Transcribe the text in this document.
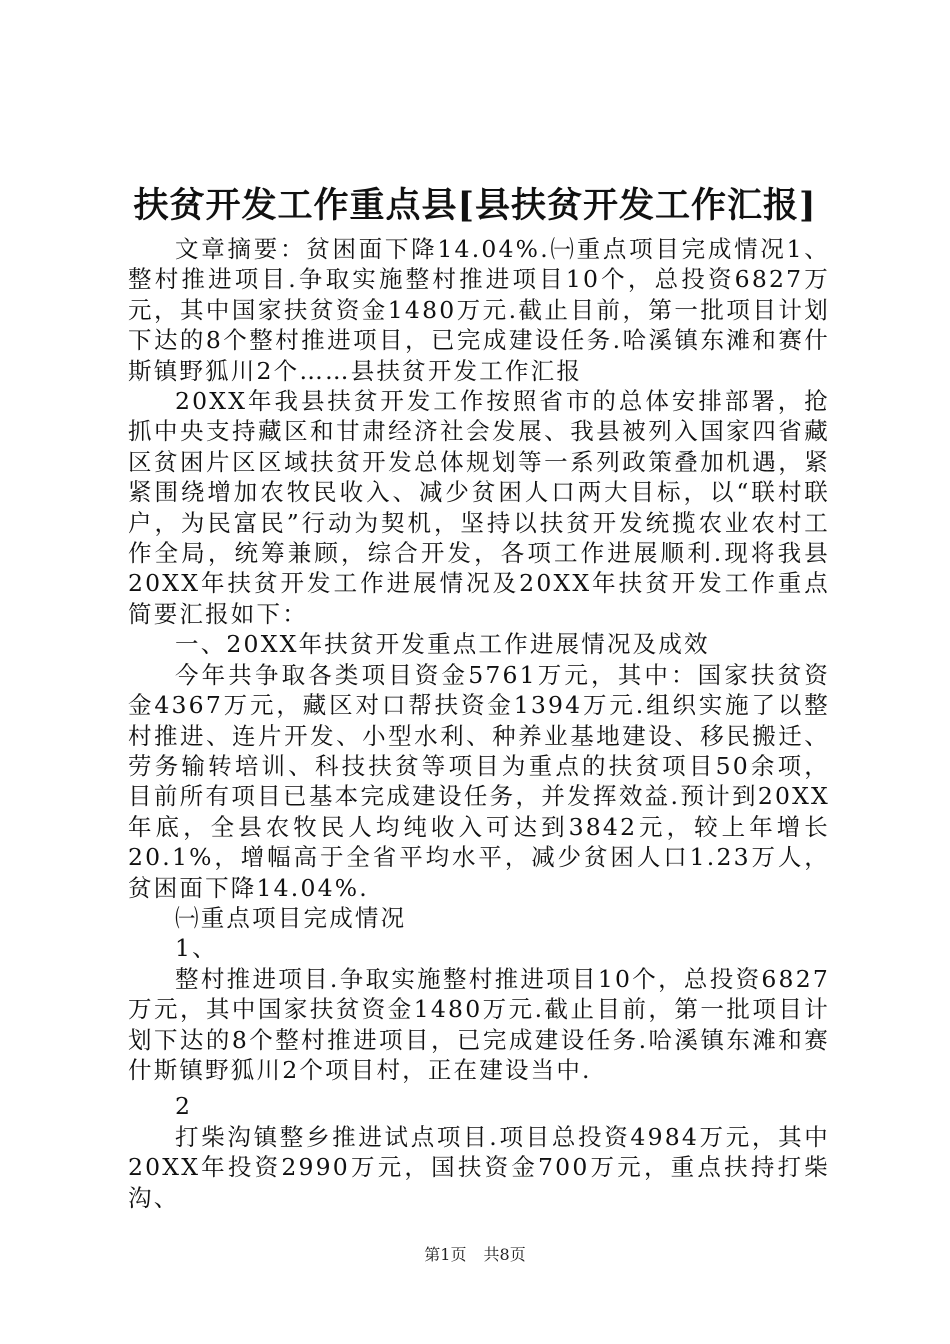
扶贫开发工作重点县[县扶贫开发工作汇报]

文章摘要：贫困面下降14.04%.㈠重点项目完成情况1、整村推进项目.争取实施整村推进项目10个，总投资6827万元，其中国家扶贫资金1480万元.截止目前，第一批项目计划下达的8个整村推进项目，已完成建设任务.哈溪镇东滩和赛什斯镇野狐川2个……县扶贫开发工作汇报

20XX年我县扶贫开发工作按照省市的总体安排部署，抢抓中央支持藏区和甘肃经济社会发展、我县被列入国家四省藏区贫困片区区域扶贫开发总体规划等一系列政策叠加机遇，紧紧围绕增加农牧民收入、减少贫困人口两大目标，以“联村联户，为民富民”行动为契机，坚持以扶贫开发统揽农业农村工作全局，统筹兼顾，综合开发，各项工作进展顺利.现将我县20XX年扶贫开发工作进展情况及20XX年扶贫开发工作重点简要汇报如下：

一、20XX年扶贫开发重点工作进展情况及成效

今年共争取各类项目资金5761万元，其中：国家扶贫资金4367万元，藏区对口帮扶资金1394万元.组织实施了以整村推进、连片开发、小型水利、种养业基地建设、移民搬迁、劳务输转培训、科技扶贫等项目为重点的扶贫项目50余项，目前所有项目已基本完成建设任务，并发挥效益.预计到20XX年底，全县农牧民人均纯收入可达到3842元，较上年增长20.1%，增幅高于全省平均水平，减少贫困人口1.23万人，贫困面下降14.04%.

㈠重点项目完成情况

1、

整村推进项目.争取实施整村推进项目10个，总投资6827万元，其中国家扶贫资金1480万元.截止目前，第一批项目计划下达的8个整村推进项目，已完成建设任务.哈溪镇东滩和赛什斯镇野狐川2个项目村，正在建设当中.

2

打柴沟镇整乡推进试点项目.项目总投资4984万元，其中20XX年投资2990万元，国扶资金700万元，重点扶持打柴沟、

第1页 共8页
